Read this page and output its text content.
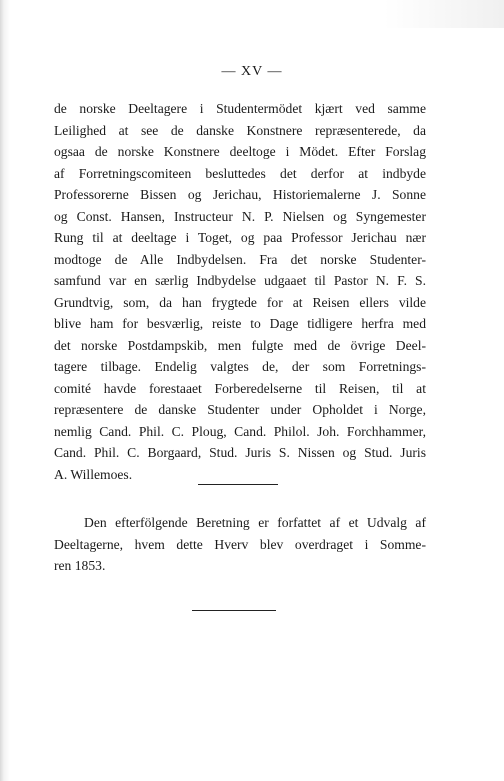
— XV —
de norske Deeltagere i Studentermödet kjært ved samme
Leilighed at see de danske Konstnere repræsenterede, da
ogsaa de norske Konstnere deeltoge i Mödet. Efter Forslag
af Forretningscomiteen besluttedes det derfor at indbyde
Professorerne Bissen og Jerichau, Historiemalerne J. Sonne
og Const. Hansen, Instructeur N. P. Nielsen og Syngemester
Rung til at deeltage i Toget, og paa Professor Jerichau nær
modtoge de Alle Indbydelsen. Fra det norske Studenter-
samfund var en særlig Indbydelse udgaaet til Pastor N. F. S.
Grundtvig, som, da han frygtede for at Reisen ellers vilde
blive ham for besværlig, reiste to Dage tidligere herfra med
det norske Postdampskib, men fulgte med de övrige Deel-
tagere tilbage. Endelig valgtes de, der som Forretnings-
comité havde forestaaet Forberedelserne til Reisen, til at
repræsentere de danske Studenter under Opholdet i Norge,
nemlig Cand. Phil. C. Ploug, Cand. Philol. Joh. Forchhammer,
Cand. Phil. C. Borgaard, Stud. Juris S. Nissen og Stud. Juris
A. Willemoes.
Den efterfölgende Beretning er forfattet af et Udvalg af
Deeltagerne, hvem dette Hverv blev overdraget i Somme-
ren 1853.
